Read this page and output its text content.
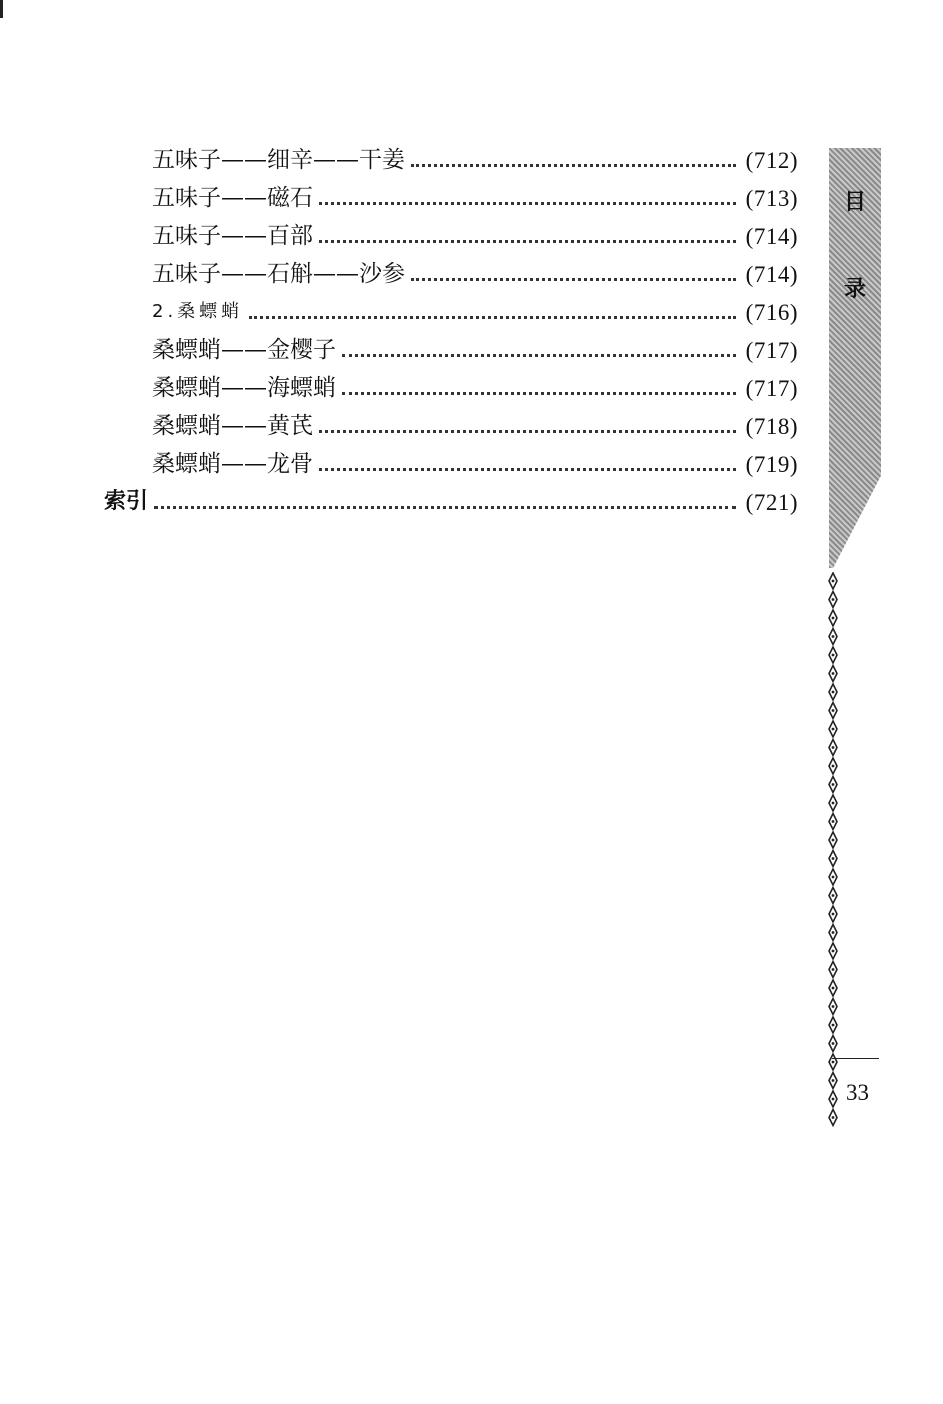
五味子——细辛——干姜	(712)
五味子——磁石	(713)
五味子——百部	(714)
五味子——石斛——沙参	(714)
2.桑螵蛸	(716)
桑螵蛸——金樱子	(717)
桑螵蛸——海螵蛸	(717)
桑螵蛸——黄芪	(718)
桑螵蛸——龙骨	(719)
索引	(721)
目
录
33
